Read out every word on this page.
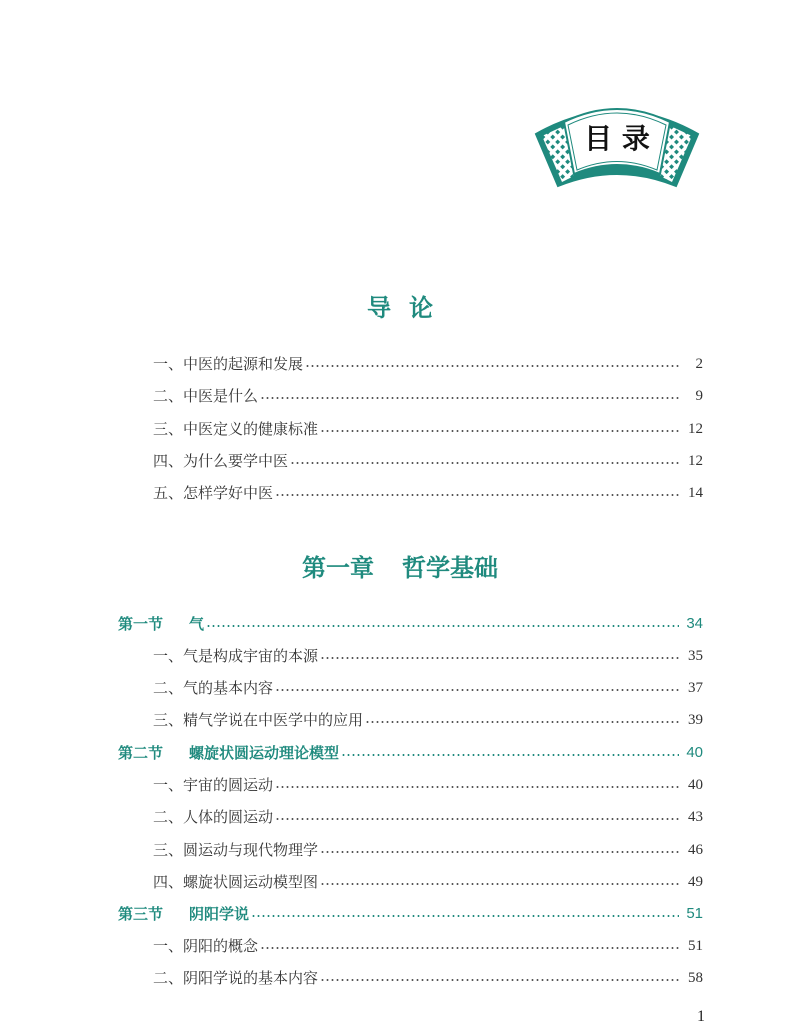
目 录
导论
一、中医的起源和发展	2
二、中医是什么	9
三、中医定义的健康标准	12
四、为什么要学中医	12
五、怎样学好中医	14
第一章 哲学基础
第一节 气	34
一、气是构成宇宙的本源	35
二、气的基本内容	37
三、精气学说在中医学中的应用	39
第二节 螺旋状圆运动理论模型	40
一、宇宙的圆运动	40
二、人体的圆运动	43
三、圆运动与现代物理学	46
四、螺旋状圆运动模型图	49
第三节 阴阳学说	51
一、阴阳的概念	51
二、阴阳学说的基本内容	58
1
